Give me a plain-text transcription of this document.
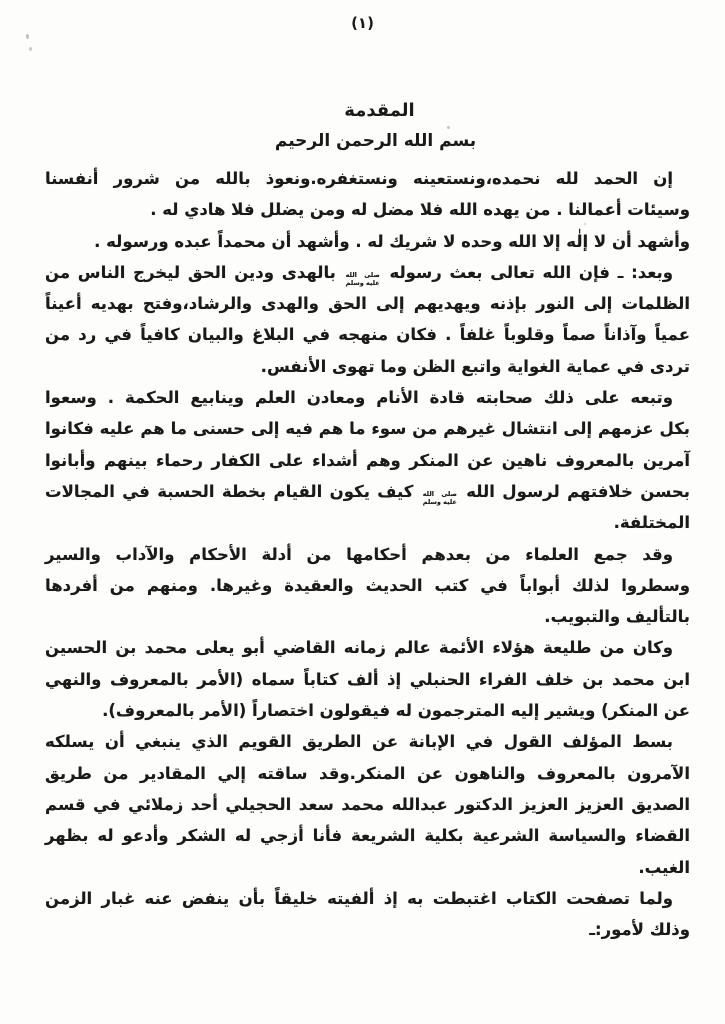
(١)
المقدمة
بسم الله الرحمن الرحيم
إن الحمد لله نحمده،ونستعينه ونستغفره.ونعوذ بالله من شرور أنفسنا
وسيئات أعمالنا . من يهده الله فلا مضل له ومن يضلل فلا هادي له .
وأشهد أن لا إلٰه إلا الله وحده لا شريك له . وأشهد أن محمداً عبده ورسوله .
وبعد: ـ فإن الله تعالى بعث رسوله
صلى الله
عليه وسلم
بالهدى ودين الحق ليخرج الناس من
الظلمات إلى النور بإذنه ويهديهم إلى الحق والهدى والرشاد،وفتح بهديه أعيناً
عمياً وآذاناً صماً وقلوباً غلفاً . فكان منهجه في البلاغ والبيان كافياً في رد من
تردى في عماية الغواية واتبع الظن وما تهوى الأنفس.
وتبعه على ذلك صحابته قادة الأنام ومعادن العلم وينابيع الحكمة . وسعوا
بكل عزمهم إلى انتشال غيرهم من سوء ما هم فيه إلى حسنى ما هم عليه فكانوا
آمرين بالمعروف ناهين عن المنكر وهم أشداء على الكفار رحماء بينهم وأبانوا
بحسن خلافتهم لرسول الله
صلى الله
عليه وسلم
كيف يكون القيام بخطة الحسبة في المجالات
المختلفة.
وقد جمع العلماء من بعدهم أحكامها من أدلة الأحكام والآداب والسير
وسطروا لذلك أبواباً في كتب الحديث والعقيدة وغيرها. ومنهم من أفردها
بالتأليف والتبويب.
وكان من طليعة هؤلاء الأئمة عالم زمانه القاضي أبو يعلى محمد بن الحسين
ابن محمد بن خلف الفراء الحنبلي إذ ألف كتاباً سماه (الأمر بالمعروف والنهي
عن المنكر) ويشير إليه المترجمون له فيقولون اختصاراً (الأمر بالمعروف).
بسط المؤلف القول في الإبانة عن الطريق القويم الذي ينبغي أن يسلكه
الآمرون بالمعروف والناهون عن المنكر.وقد ساقته إلي المقادير من طريق
الصديق العزيز العزيز الدكتور عبدالله محمد سعد الحجيلي أحد زملائي في قسم
القضاء والسياسة الشرعية بكلية الشريعة فأنا أزجي له الشكر وأدعو له بظهر
الغيب.
ولما تصفحت الكتاب اغتبطت به إذ ألفيته خليقاً بأن ينفض عنه غبار الزمن
وذلك لأمور:ـ
